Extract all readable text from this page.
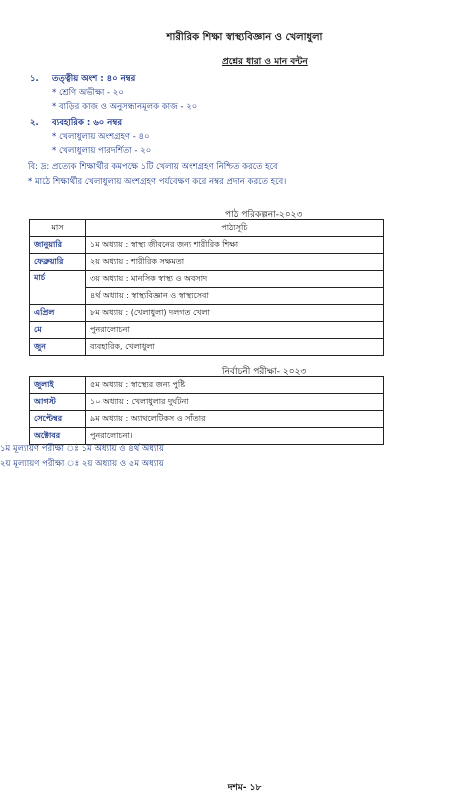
শারীরিক শিক্ষা স্বাস্থ্যবিজ্ঞান ও খেলাধুলা
প্রশ্নের ধারা ও মান বন্টন
১. তত্ত্বীয় অংশ : ৪০ নম্বর
* শ্রেণি অভীক্ষা - ২০
* বাড়ির কাজ ও অনুসন্ধানমূলক কাজ - ২০
২. ব্যবহারিক : ৬০ নম্বর
* খেলাধুলায় অংশগ্রহণ - ৪০
* খেলাধুলায় পারদর্শিতা - ২০
বি: দ্র: প্রত্যেক শিক্ষার্থীর কমপক্ষে ১টি খেলায় অংশগ্রহণ নিশ্চিত করতে হবে
* মাঠে শিক্ষার্থীর খেলাধুলায় অংশগ্রহণ পর্যবেক্ষণ করে নম্বর প্রদান করতে হবে।
পাঠ পরিকল্পনা-২০২৩
মাস	পাঠ্যসূচি
জানুয়ারি	১ম অধ্যায় : স্বাস্থ্য জীবনের জন্য শারীরিক শিক্ষা
ফেব্রুয়ারি	২য় অধ্যায় : শারীরিক সক্ষমতা
মার্চ	৩য় অধ্যায় : মানসিক স্বাস্থ্য ও অবসাদ
	৪র্থ অধ্যায় : স্বাস্থ্যবিজ্ঞান ও স্বাস্থ্যসেবা
এপ্রিল	৮ম অধ্যায় : (খেলাধুলা) দলগত খেলা
মে	পুনরালোচনা
জুন	ব্যবহারিক, খেলাধুলা
নির্বাচনী পরীক্ষা- ২০২৩
জুলাই	৫ম অধ্যায় : স্বাস্থ্যের জন্য পুষ্টি
আগস্ট	১০ অধ্যায় : খেলাধুলার দুর্ঘটনা
সেপ্টেম্বর	৯ম অধ্যায় : অ্যাথলেটিকস ও সাঁতার
অক্টোবর	পুনরালোচনা।
১ম মূল্যায়ণ পরীক্ষা ঃ ১ম অধ্যায় ও ৪র্থ অধ্যায়
২য় মূল্যায়ণ পরীক্ষা ঃ ২য় অধ্যায় ও ৫ম অধ্যায়
দশম- ১৮
